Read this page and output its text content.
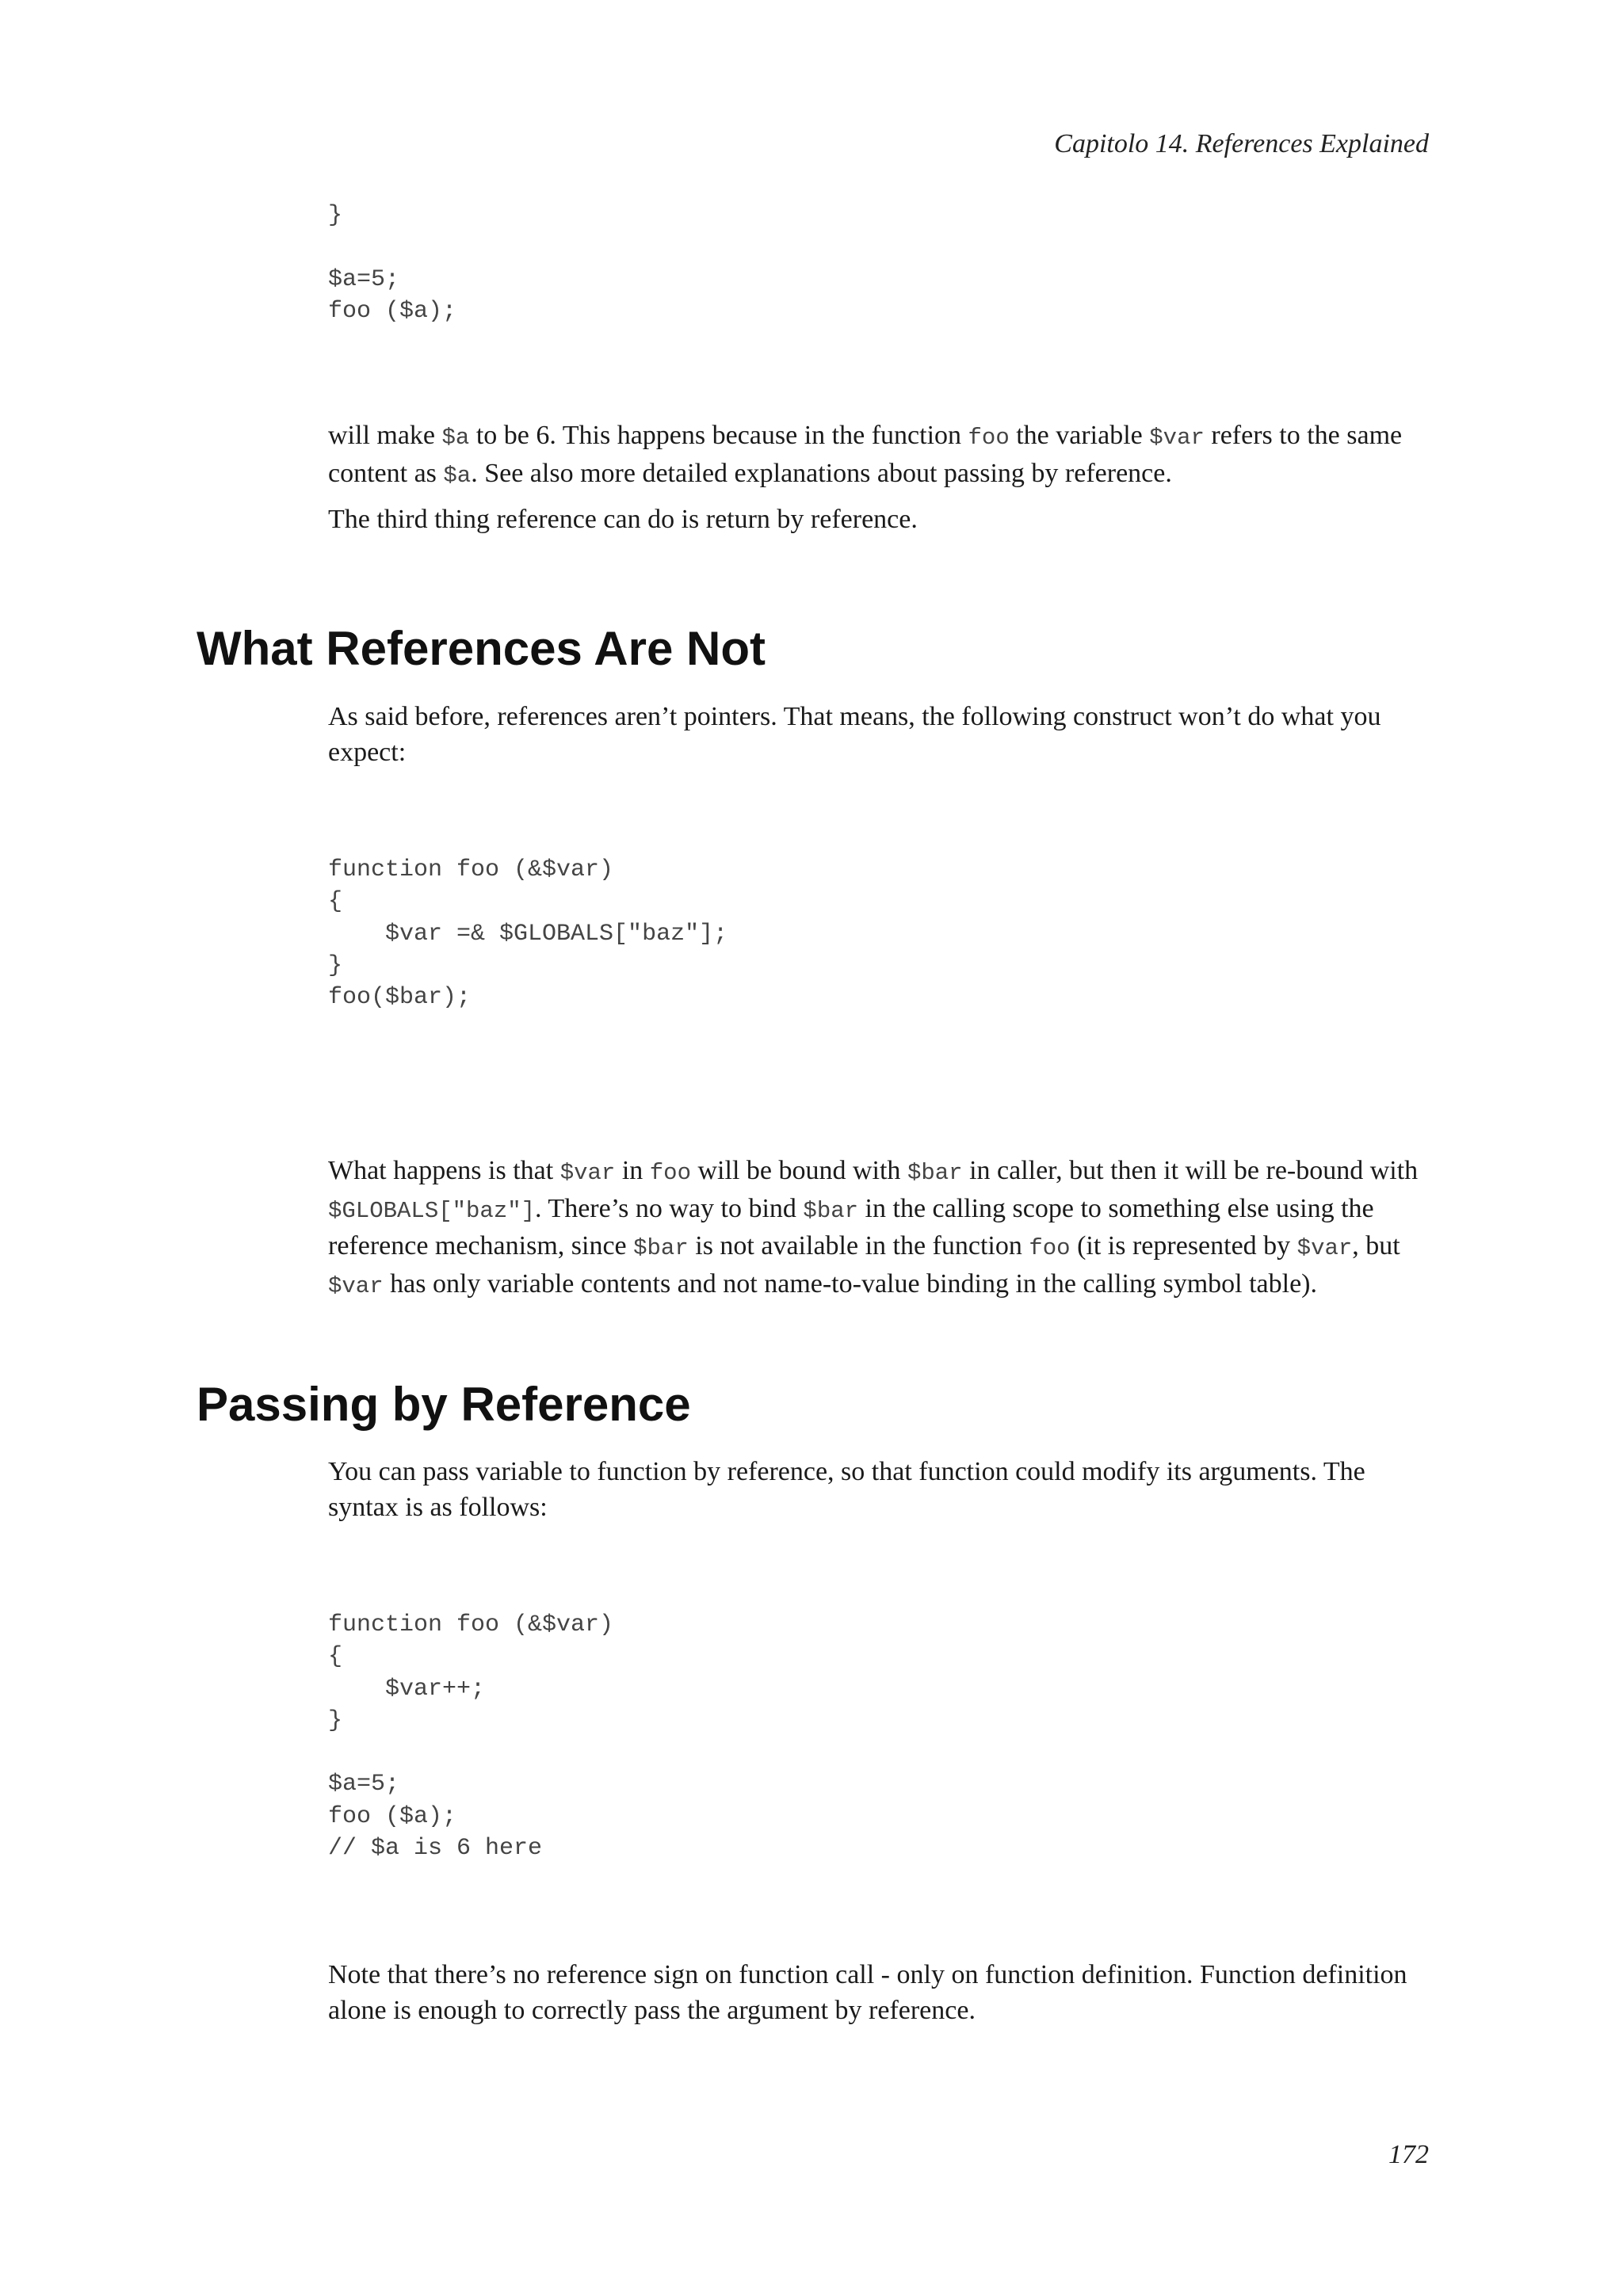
Capitolo 14. References Explained
}

$a=5;
foo ($a);

will make $a to be 6. This happens because in the function foo the variable $var refers to the same content as $a. See also more detailed explanations about passing by reference.

The third thing reference can do is return by reference.

What References Are Not

As said before, references aren’t pointers. That means, the following construct won’t do what you expect:

function foo (&$var)
{
$var =& $GLOBALS["baz"];
}
foo($bar);

What happens is that $var in foo will be bound with $bar in caller, but then it will be re-bound with $GLOBALS["baz"]. There’s no way to bind $bar in the calling scope to something else using the reference mechanism, since $bar is not available in the function foo (it is represented by $var, but $var has only variable contents and not name-to-value binding in the calling symbol table).

Passing by Reference

You can pass variable to function by reference, so that function could modify its arguments. The syntax is as follows:

function foo (&$var)
{
$var++;
}

$a=5;
foo ($a);
// $a is 6 here

Note that there’s no reference sign on function call - only on function definition. Function definition alone is enough to correctly pass the argument by reference.

172
